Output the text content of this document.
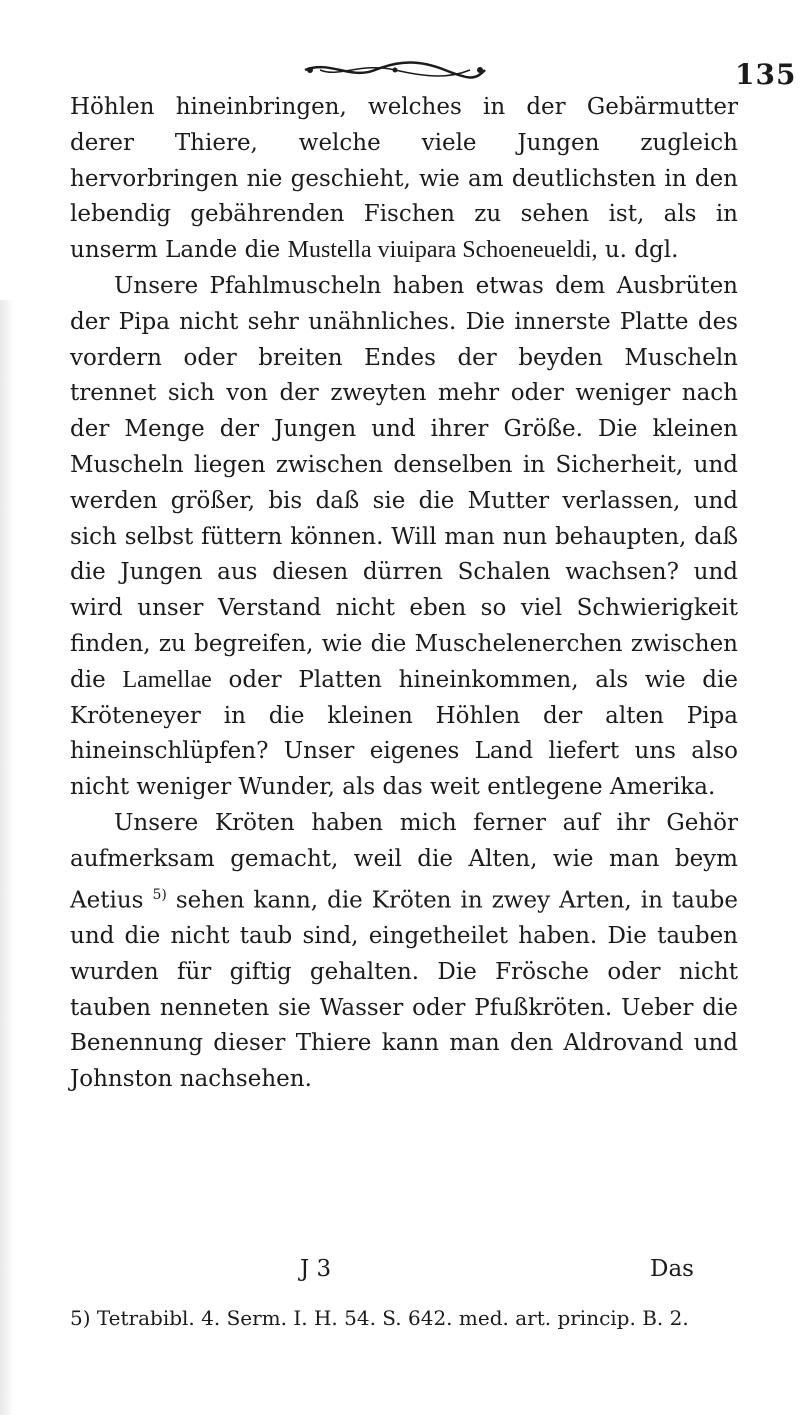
135

Höhlen hineinbringen, welches in der Gebärmutter derer Thiere, welche viele Jungen zugleich hervorbringen nie geschieht, wie am deutlichsten in den lebendig gebährenden Fischen zu sehen ist, als in unserm Lande die Mustella viuipara Schoeneueldi, u. dgl.

Unsere Pfahlmuscheln haben etwas dem Ausbrüten der Pipa nicht sehr unähnliches. Die innerste Platte des vordern oder breiten Endes der beyden Muscheln trennet sich von der zweyten mehr oder weniger nach der Menge der Jungen und ihrer Größe. Die kleinen Muscheln liegen zwischen denselben in Sicherheit, und werden größer, bis daß sie die Mutter verlassen, und sich selbst füttern können. Will man nun behaupten, daß die Jungen aus diesen dürren Schalen wachsen? und wird unser Verstand nicht eben so viel Schwierigkeit finden, zu begreifen, wie die Muschelenerchen zwischen die Lamellae oder Platten hineinkommen, als wie die Kröteneyer in die kleinen Höhlen der alten Pipa hineinschlüpfen? Unser eigenes Land liefert uns also nicht weniger Wunder, als das weit entlegene Amerika.

Unsere Kröten haben mich ferner auf ihr Gehör aufmerksam gemacht, weil die Alten, wie man beym Aetius $^{5)}$ sehen kann, die Kröten in zwey Arten, in taube und die nicht taub sind, eingetheilet haben. Die tauben wurden für giftig gehalten. Die Frösche oder nicht tauben nenneten sie Wasser oder Pfußkröten. Ueber die Benennung dieser Thiere kann man den Aldrovand und Johnston nachsehen.

J 3	Das

5) Tetrabibl. 4. Serm. I. H. 54. S. 642. med. art. princip. B. 2.
